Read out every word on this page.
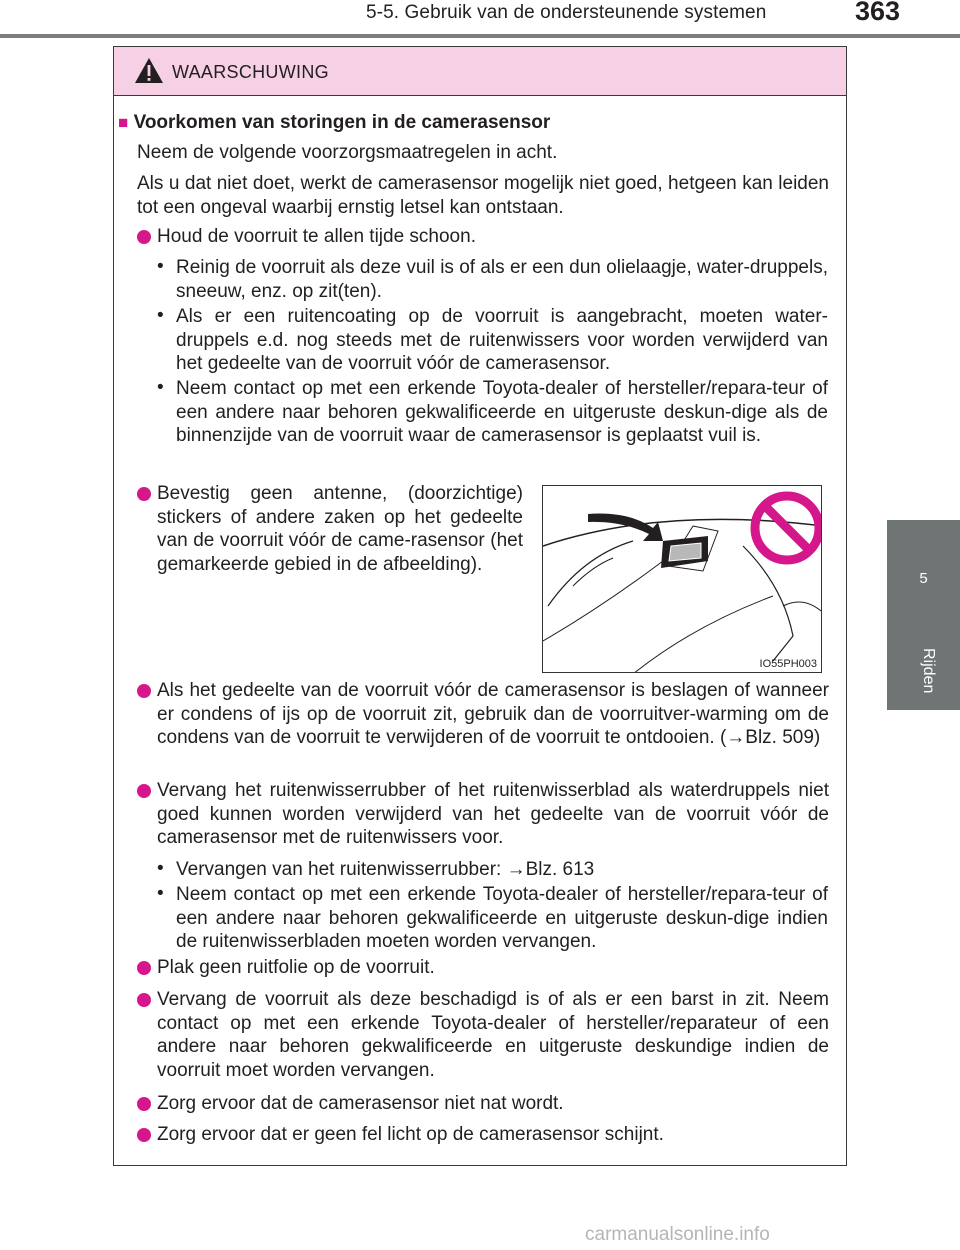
5-5. Gebruik van de ondersteunende systemen	363
5
Rijden
WAARSCHUWING
■ Voorkomen van storingen in de camerasensor
Neem de volgende voorzorgsmaatregelen in acht.
Als u dat niet doet, werkt de camerasensor mogelijk niet goed, hetgeen kan leiden tot een ongeval waarbij ernstig letsel kan ontstaan.
Houd de voorruit te allen tijde schoon.
• Reinig de voorruit als deze vuil is of als er een dun olielaagje, water-druppels, sneeuw, enz. op zit(ten).
• Als er een ruitencoating op de voorruit is aangebracht, moeten water-druppels e.d. nog steeds met de ruitenwissers voor worden verwijderd van het gedeelte van de voorruit vóór de camerasensor.
• Neem contact op met een erkende Toyota-dealer of hersteller/repara-teur of een andere naar behoren gekwalificeerde en uitgeruste deskun-dige als de binnenzijde van de voorruit waar de camerasensor is geplaatst vuil is.
Bevestig geen antenne, (doorzichtige) stickers of andere zaken op het gedeelte van de voorruit vóór de came-rasensor (het gemarkeerde gebied in de afbeelding).
IO55PH003
Als het gedeelte van de voorruit vóór de camerasensor is beslagen of wanneer er condens of ijs op de voorruit zit, gebruik dan de voorruitver-warming om de condens van de voorruit te verwijderen of de voorruit te ontdooien. (→Blz. 509)
Vervang het ruitenwisserrubber of het ruitenwisserblad als waterdruppels niet goed kunnen worden verwijderd van het gedeelte van de voorruit vóór de camerasensor met de ruitenwissers voor.
• Vervangen van het ruitenwisserrubber: →Blz. 613
• Neem contact op met een erkende Toyota-dealer of hersteller/repara-teur of een andere naar behoren gekwalificeerde en uitgeruste deskun-dige indien de ruitenwisserbladen moeten worden vervangen.
Plak geen ruitfolie op de voorruit.
Vervang de voorruit als deze beschadigd is of als er een barst in zit. Neem contact op met een erkende Toyota-dealer of hersteller/reparateur of een andere naar behoren gekwalificeerde en uitgeruste deskundige indien de voorruit moet worden vervangen.
Zorg ervoor dat de camerasensor niet nat wordt.
Zorg ervoor dat er geen fel licht op de camerasensor schijnt.
carmanualsonline.info
